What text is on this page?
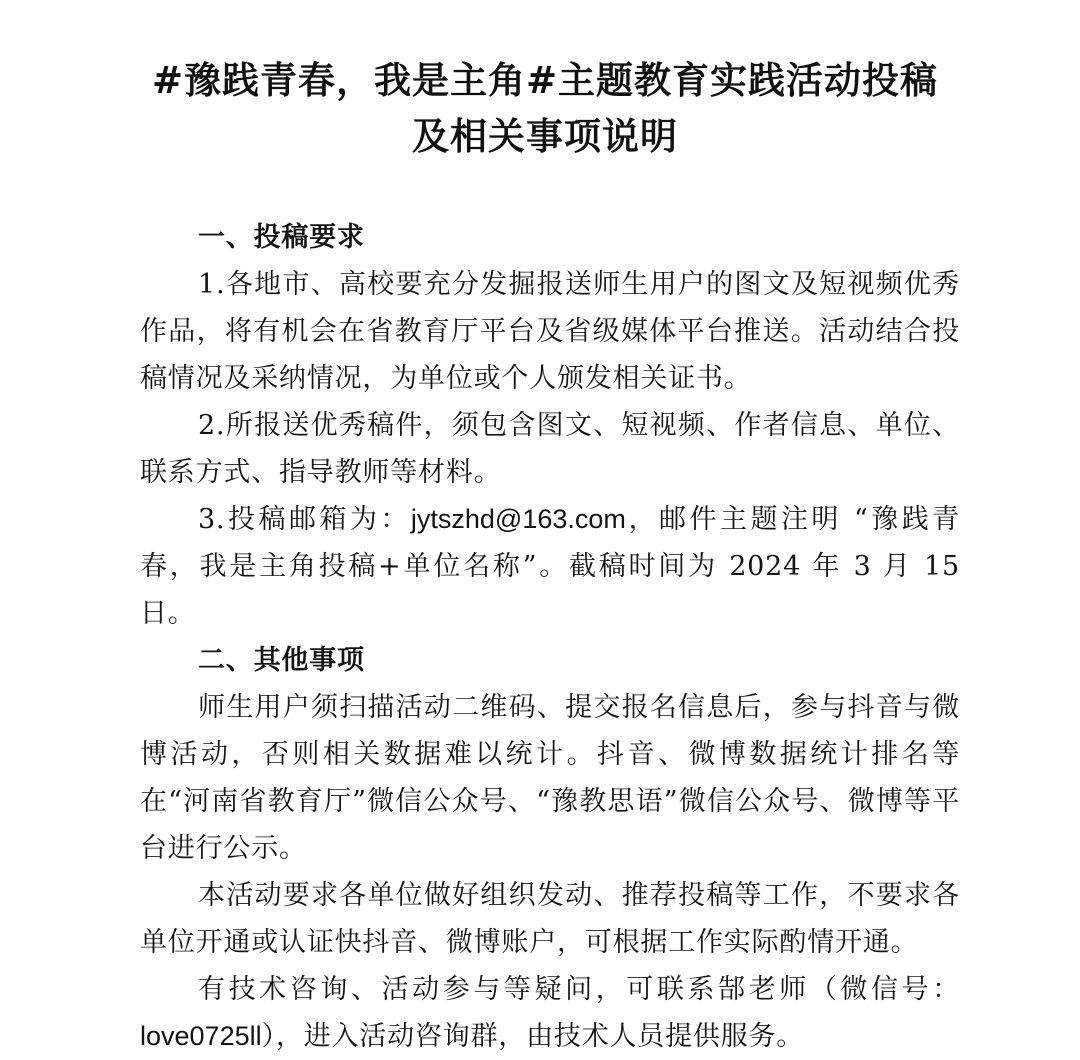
#豫践青春，我是主角#主题教育实践活动投稿
及相关事项说明

一、投稿要求

1.各地市、高校要充分发掘报送师生用户的图文及短视频优秀作品，将有机会在省教育厅平台及省级媒体平台推送。活动结合投稿情况及采纳情况，为单位或个人颁发相关证书。

2.所报送优秀稿件，须包含图文、短视频、作者信息、单位、联系方式、指导教师等材料。

3.投稿邮箱为：jytszhd@163.com，邮件主题注明 “豫践青春，我是主角投稿+单位名称”。截稿时间为 2024 年 3 月 15 日。

二、其他事项

师生用户须扫描活动二维码、提交报名信息后，参与抖音与微博活动，否则相关数据难以统计。抖音、微博数据统计排名等在“河南省教育厅”微信公众号、“豫教思语”微信公众号、微博等平台进行公示。

本活动要求各单位做好组织发动、推荐投稿等工作，不要求各单位开通或认证快抖音、微博账户，可根据工作实际酌情开通。

有技术咨询、活动参与等疑问，可联系郜老师（微信号：love0725ll），进入活动咨询群，由技术人员提供服务。
